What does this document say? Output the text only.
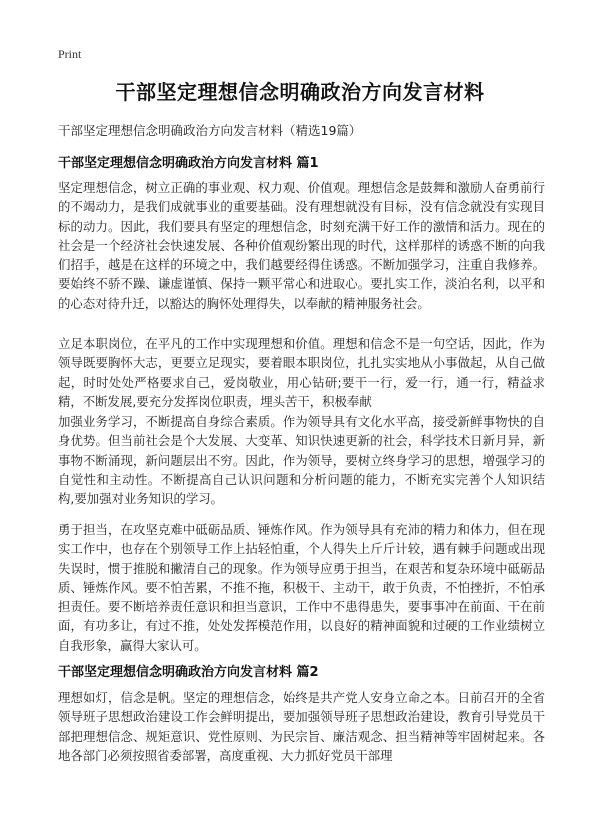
Print
干部坚定理想信念明确政治方向发言材料
干部坚定理想信念明确政治方向发言材料（精选19篇）
干部坚定理想信念明确政治方向发言材料 篇1
坚定理想信念，树立正确的事业观、权力观、价值观。理想信念是鼓舞和激励人奋勇前行的不竭动力，是我们成就事业的重要基础。没有理想就没有目标，没有信念就没有实现目标的动力。因此，我们要具有坚定的理想信念，时刻充满干好工作的激情和活力。现在的社会是一个经济社会快速发展、各种价值观纷繁出现的时代，这样那样的诱惑不断的向我们招手，越是在这样的环境之中，我们越要经得住诱惑。不断加强学习，注重自我修养。要始终不骄不躁、谦虚谨慎、保持一颗平常心和进取心。要扎实工作，淡泊名利，以平和的心态对待升迁，以豁达的胸怀处理得失，以奉献的精神服务社会。
立足本职岗位，在平凡的工作中实现理想和价值。理想和信念不是一句空话，因此，作为领导既要胸怀大志，更要立足现实，要着眼本职岗位，扎扎实实地从小事做起，从自己做起，时时处处严格要求自己，爱岗敬业，用心钻研;要干一行，爱一行，通一行，精益求精，不断发展,要充分发挥岗位职责，埋头苦干，积极奉献
加强业务学习，不断提高自身综合素质。作为领导具有文化水平高，接受新鲜事物快的自身优势。但当前社会是个大发展、大变革、知识快速更新的社会，科学技术日新月异，新事物不断涌现，新问题层出不穷。因此，作为领导，要树立终身学习的思想，增强学习的自觉性和主动性。不断提高自己认识问题和分析问题的能力，不断充实完善个人知识结构,要加强对业务知识的学习。
勇于担当，在攻坚克难中砥砺品质、锤炼作风。作为领导具有充沛的精力和体力，但在现实工作中，也存在个别领导工作上拈轻怕重，个人得失上斤斤计较，遇有棘手问题或出现失误时，惯于推脱和撇清自己的现象。作为领导应勇于担当，在艰苦和复杂环境中砥砺品质、锤炼作风。要不怕苦累，不推不拖，积极干、主动干，敢于负责，不怕挫折，不怕承担责任。要不断培养责任意识和担当意识，工作中不患得患失，要事事冲在前面、干在前面，有功多让，有过不推，处处发挥模范作用，以良好的精神面貌和过硬的工作业绩树立自我形象，赢得大家认可。
干部坚定理想信念明确政治方向发言材料 篇2
理想如灯，信念是帆。坚定的理想信念，始终是共产党人安身立命之本。日前召开的全省领导班子思想政治建设工作会鲜明提出，要加强领导班子思想政治建设，教育引导党员干部把理想信念、规矩意识、党性原则、为民宗旨、廉洁观念、担当精神等牢固树起来。各地各部门必须按照省委部署，高度重视、大力抓好党员干部理
